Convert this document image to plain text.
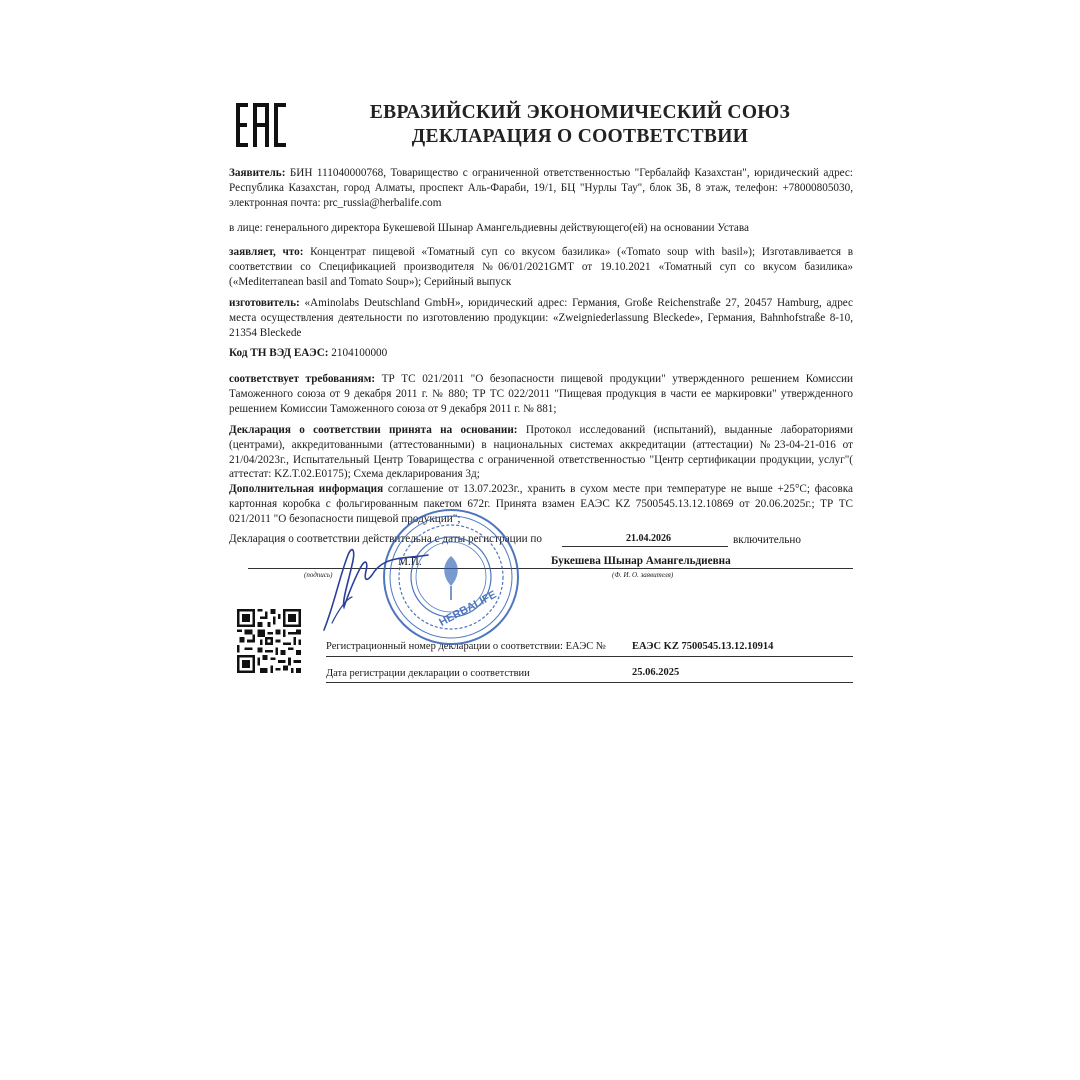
ЕВРАЗИЙСКИЙ ЭКОНОМИЧЕСКИЙ СОЮЗ
ДЕКЛАРАЦИЯ О СООТВЕТСТВИИ
Заявитель: БИН 111040000768, Товарищество с ограниченной ответственностью "Гербалайф Казахстан", юридический адрес: Республика Казахстан, город Алматы, проспект Аль-Фараби, 19/1, БЦ "Нурлы Тау", блок 3Б, 8 этаж, телефон: +78000805030, электронная почта: prc_russia@herbalife.com
в лице: генерального директора Букешевой Шынар Амангельдиевны действующего(ей) на основании Устава
заявляет, что: Концентрат пищевой «Томатный суп со вкусом базилика» («Tomato soup with basil»); Изготавливается в соответствии со Спецификацией производителя №06/01/2021GMT от 19.10.2021 «Томатный суп со вкусом базилика» («Mediterranean basil and Tomato Soup»); Серийный выпуск
изготовитель: «Aminolabs Deutschland GmbH», юридический адрес: Германия, Große Reichenstraße 27, 20457 Hamburg, адрес места осуществления деятельности по изготовлению продукции: «Zweigniederlassung Bleckede», Германия, Bahnhofstraße 8-10, 21354 Bleckede
Код ТН ВЭД ЕАЭС: 2104100000
соответствует требованиям: ТР ТС 021/2011 "О безопасности пищевой продукции" утвержденного решением Комиссии Таможенного союза от 9 декабря 2011 г. № 880; ТР ТС 022/2011 "Пищевая продукция в части ее маркировки" утвержденного решением Комиссии Таможенного союза от 9 декабря 2011 г. № 881;
Декларация о соответствии принята на основании: Протокол исследований (испытаний), выданные лабораториями (центрами), аккредитованными (аттестованными) в национальных системах аккредитации (аттестации) №23-04-21-016 от 21/04/2023г., Испытательный Центр Товарищества с ограниченной ответственностью "Центр сертификации продукции, услуг"( аттестат: KZ.T.02.E0175); Схема декларирования 3д;
Дополнительная информация соглашение от 13.07.2023г., хранить в сухом месте при температуре не выше +25°С; фасовка картонная коробка с фольгированным пакетом 672г. Принята взамен ЕАЭС KZ 7500545.13.12.10869 от 20.06.2025г.; ТР ТС 021/2011 "О безопасности пищевой продукции";
Декларация о соответствии действительна с даты регистрации по	21.04.2026	включительно
М.П.	Букешева Шынар Амангельдиевна
(подпись)	(Ф. И. О. заявителя)
Регистрационный номер декларации о соответствии: ЕАЭС № ЕАЭС KZ 7500545.13.12.10914
Дата регистрации декларации о соответствии	25.06.2025
HERBALIFE
